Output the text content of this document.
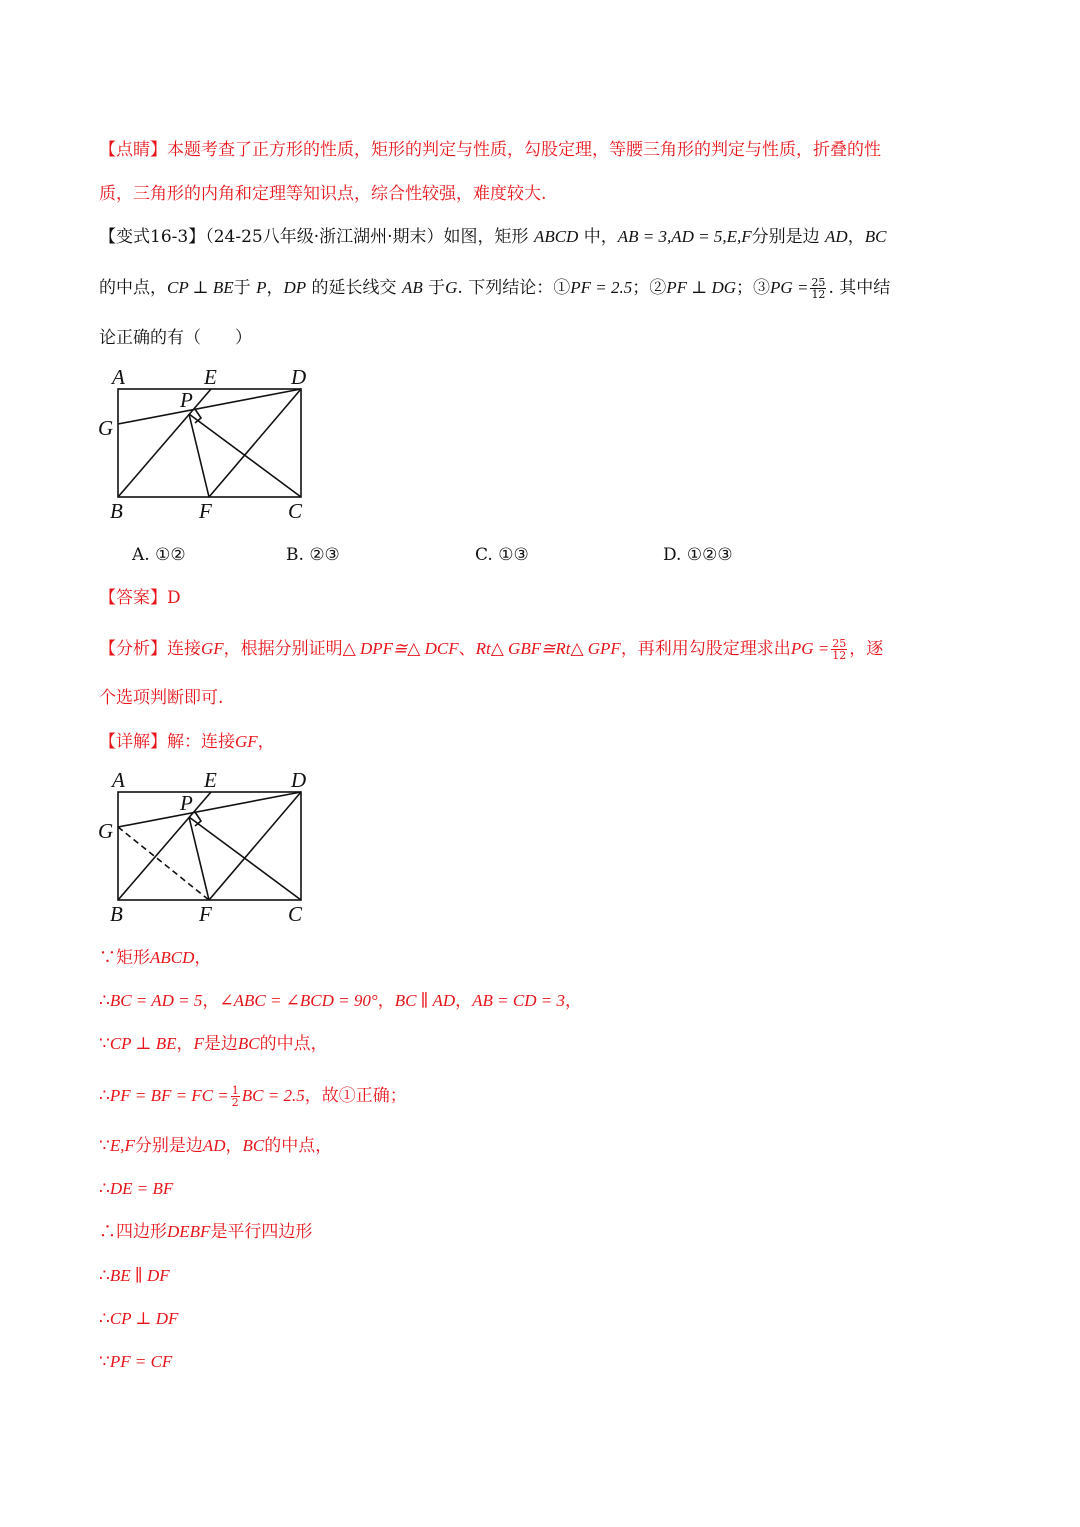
【点睛】本题考查了正方形的性质，矩形的判定与性质，勾股定理，等腰三角形的判定与性质，折叠的性
质，三角形的内角和定理等知识点，综合性较强，难度较大.
【变式16-3】（24-25八年级·浙江湖州·期末）如图，矩形 ABCD 中，AB = 3,AD = 5,E,F分别是边 AD，BC
的中点，CP ⊥ BE于 P，DP 的延长线交 AB 于G. 下列结论：①PF = 2.5；②PF ⊥ DG；③PG = $\frac{25}{12}$ . 其中结
论正确的有（　　）
A	E	D
P
G
B	F	C
A. ①②	B. ②③	C. ①③	D. ①②③
【答案】D
【分析】连接GF，根据分别证明△ DPF≅△ DCF、Rt△ GBF≅Rt△ GPF，再利用勾股定理求出PG = $\frac{25}{12}$ ，逐
个选项判断即可.
【详解】解：连接GF，
A	E	D
P
G
B	F	C
∵矩形ABCD，
∴BC = AD = 5，∠ABC = ∠BCD = 90°，BC ∥ AD，AB = CD = 3，
∵CP ⊥ BE，F是边BC的中点，
∴PF = BF = FC = $\frac{1}{2}$ BC = 2.5，故①正确；
∵E,F分别是边AD，BC的中点，
∴DE = BF
∴四边形DEBF是平行四边形
∴BE ∥ DF
∴CP ⊥ DF
∵PF = CF
